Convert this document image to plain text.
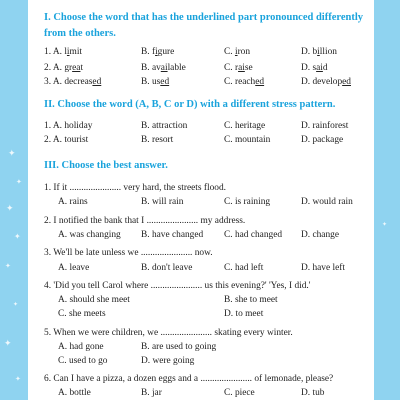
✦
✦
✦
✦
✦
✦
✦
✦
✦

I. Choose the word that has the underlined part pronounced differently from the others.

1. A. limit	B. figure	C. iron	D. billion
2. A. great	B. available	C. raise	D. said
3. A. decreased	B. used	C. reached	D. developed

II. Choose the word (A, B, C or D) with a different stress pattern.

1. A. holiday	B. attraction	C. heritage	D. rainforest
2. A. tourist	B. resort	C. mountain	D. package

III. Choose the best answer.

1. If it ...................... very hard, the streets flood.
A. rains	B. will rain	C. is raining	D. would rain
2. I notified the bank that I ...................... my address.
A. was changing B. have changed C. had changed D. change
3. We'll be late unless we ...................... now.
A. leave	B. don't leave	C. had left	D. have left
4. 'Did you tell Carol where ...................... us this evening?' 'Yes, I did.'
A. should she meet	B. she to meet
C. she meets	D. to meet
5. When we were children, we ...................... skating every winter.
A. had gone	B. are used to going
C. used to go	D. were going
6. Can I have a pizza, a dozen eggs and a ...................... of lemonade, please?
A. bottle	B. jar	C. piece	D. tub
